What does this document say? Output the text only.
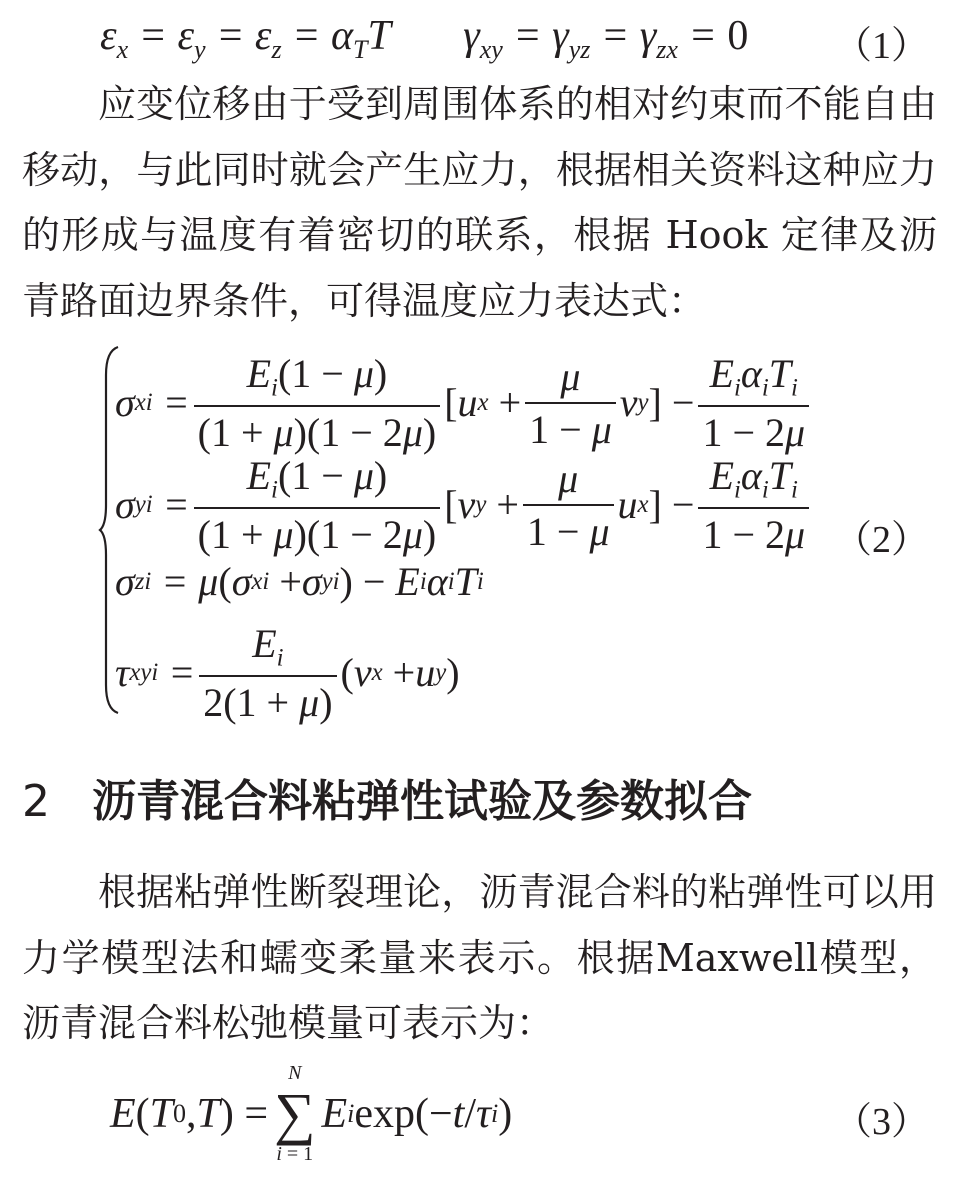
$\varepsilon_x = \varepsilon_y = \varepsilon_z = \alpha_TT$  $\gamma_{xy} = \gamma_{yz} = \gamma_{zx} = 0$ （1）
应变位移由于受到周围体系的相对约束而不能自由移动，与此同时就会产生应力，根据相关资料这种应力的形成与温度有着密切的联系，根据 Hook 定律及沥青路面边界条件，可得温度应力表达式：
σ xi = $\frac{E_i(1 - \mu)}{(1 + \mu)(1 - 2\mu)}$ [ u x
+ $\frac{\mu}{1 - \mu}$ v y ] − $\frac{E_i\alpha_iT_i}{1 - 2\mu}$
σ yi = $\frac{E_i(1 - \mu)}{(1 + \mu)(1 - 2\mu)}$ [ v y
+ $\frac{\mu}{1 - \mu}$ u x ] − $\frac{E_i\alpha_iT_i}{1 - 2\mu} (2)$
σ zi = μ ( σ xi
+ σ yi ) − E i α i T i
τ xyi = $\frac{E_i}{2(1 + \mu)}$ ( v x
+ u y )
2 沥青混合料粘弹性试验及参数拟合
根据粘弹性断裂理论，沥青混合料的粘弹性可以用力学模型法和蠕变柔量来表示。根据Maxwell模型，沥青混合料松弛模量可表示为：
E ( T 0 , T ) =
N
∑
i = 1
E i exp(− t / τ i )	（3）
